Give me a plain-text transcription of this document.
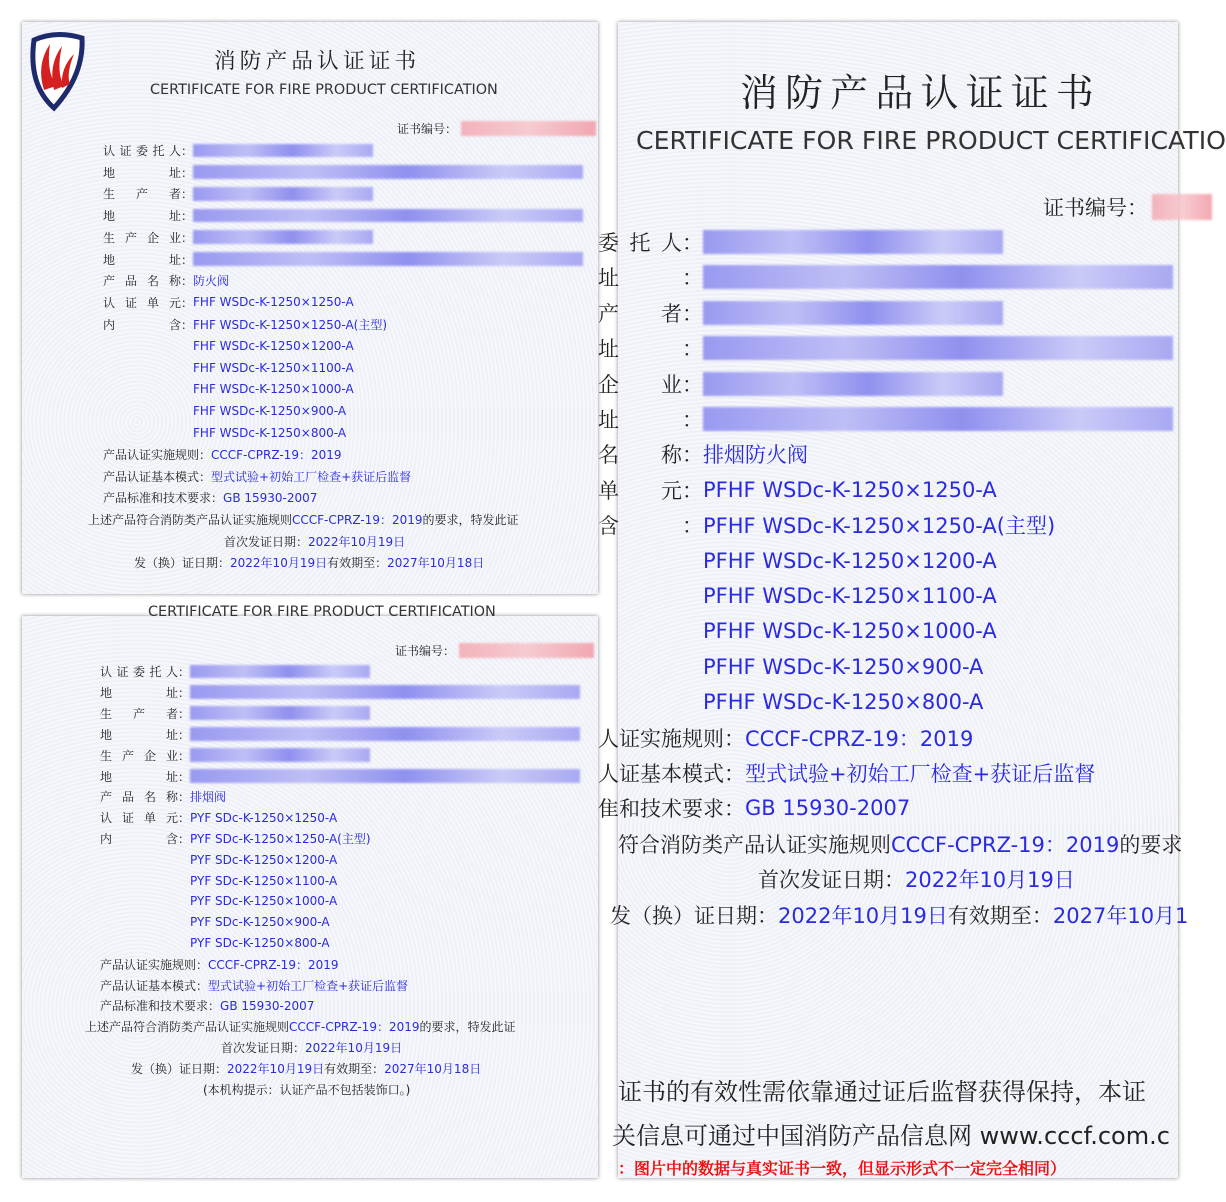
消防产品认证证书
CERTIFICATE FOR FIRE PRODUCT CERTIFICATION
证书编号：
认证委托人 ：
地址 ：
生产者 ：
地址 ：
生产企业 ：
地址 ：
产品名称 ： 防火阀
认证单元 ： FHF WSDc-K-1250×1250-A
内含 ： FHF WSDc-K-1250×1250-A(主型)

FHF WSDc-K-1250×1200-A

FHF WSDc-K-1250×1100-A

FHF WSDc-K-1250×1000-A

FHF WSDc-K-1250×900-A

FHF WSDc-K-1250×800-A
产品认证实施规则： CCCF-CPRZ-19：2019
产品认证基本模式： 型式试验+初始工厂检查+获证后监督
产品标准和技术要求： GB 15930-2007
上述产品符合消防类产品认证实施规则 CCCF-CPRZ-19：2019 的要求，特发此证
首次发证日期： 2022年10月19日
发（换）证日期： 2022年10月19日 有效期至： 2027年10月18日
CERTIFICATE FOR FIRE PRODUCT CERTIFICATION
证书编号：
认证委托人 ：
地址 ：
生产者 ：
地址 ：
生产企业 ：
地址 ：
产品名称 ： 排烟阀
认证单元 ： PYF SDc-K-1250×1250-A
内含 ： PYF SDc-K-1250×1250-A(主型)

PYF SDc-K-1250×1200-A

PYF SDc-K-1250×1100-A

PYF SDc-K-1250×1000-A

PYF SDc-K-1250×900-A

PYF SDc-K-1250×800-A
产品认证实施规则： CCCF-CPRZ-19：2019
产品认证基本模式： 型式试验+初始工厂检查+获证后监督
产品标准和技术要求： GB 15930-2007
上述产品符合消防类产品认证实施规则 CCCF-CPRZ-19：2019 的要求，特发此证
首次发证日期： 2022年10月19日
发（换）证日期： 2022年10月19日 有效期至： 2027年10月18日
(本机构提示：认证产品不包括装饰口。)
消防产品认证证书
CERTIFICATE FOR FIRE PRODUCT CERTIFICATIO
证书编号：
委托人 ：
址	：
产　　者 ：
址	：
企　业 ：
址	：
名　称 ： 排烟防火阀
单　元 ： PFHF WSDc-K-1250×1250-A
含	： PFHF WSDc-K-1250×1250-A(主型)

PFHF WSDc-K-1250×1200-A

PFHF WSDc-K-1250×1100-A

PFHF WSDc-K-1250×1000-A

PFHF WSDc-K-1250×900-A

PFHF WSDc-K-1250×800-A
人证实施规则： CCCF-CPRZ-19：2019
人证基本模式： 型式试验+初始工厂检查+获证后监督
隹和技术要求： GB 15930-2007
符合消防类产品认证实施规则 CCCF-CPRZ-19：2019 的要求
首次发证日期： 2022年10月19日
发（换）证日期： 2022年10月19日 有效期至： 2027年10月1
证书的有效性需依靠通过证后监督获得保持，本证
关信息可通过中国消防产品信息网 www.cccf.com.c
：图片中的数据与真实证书一致，但显示形式不一定完全相同）
